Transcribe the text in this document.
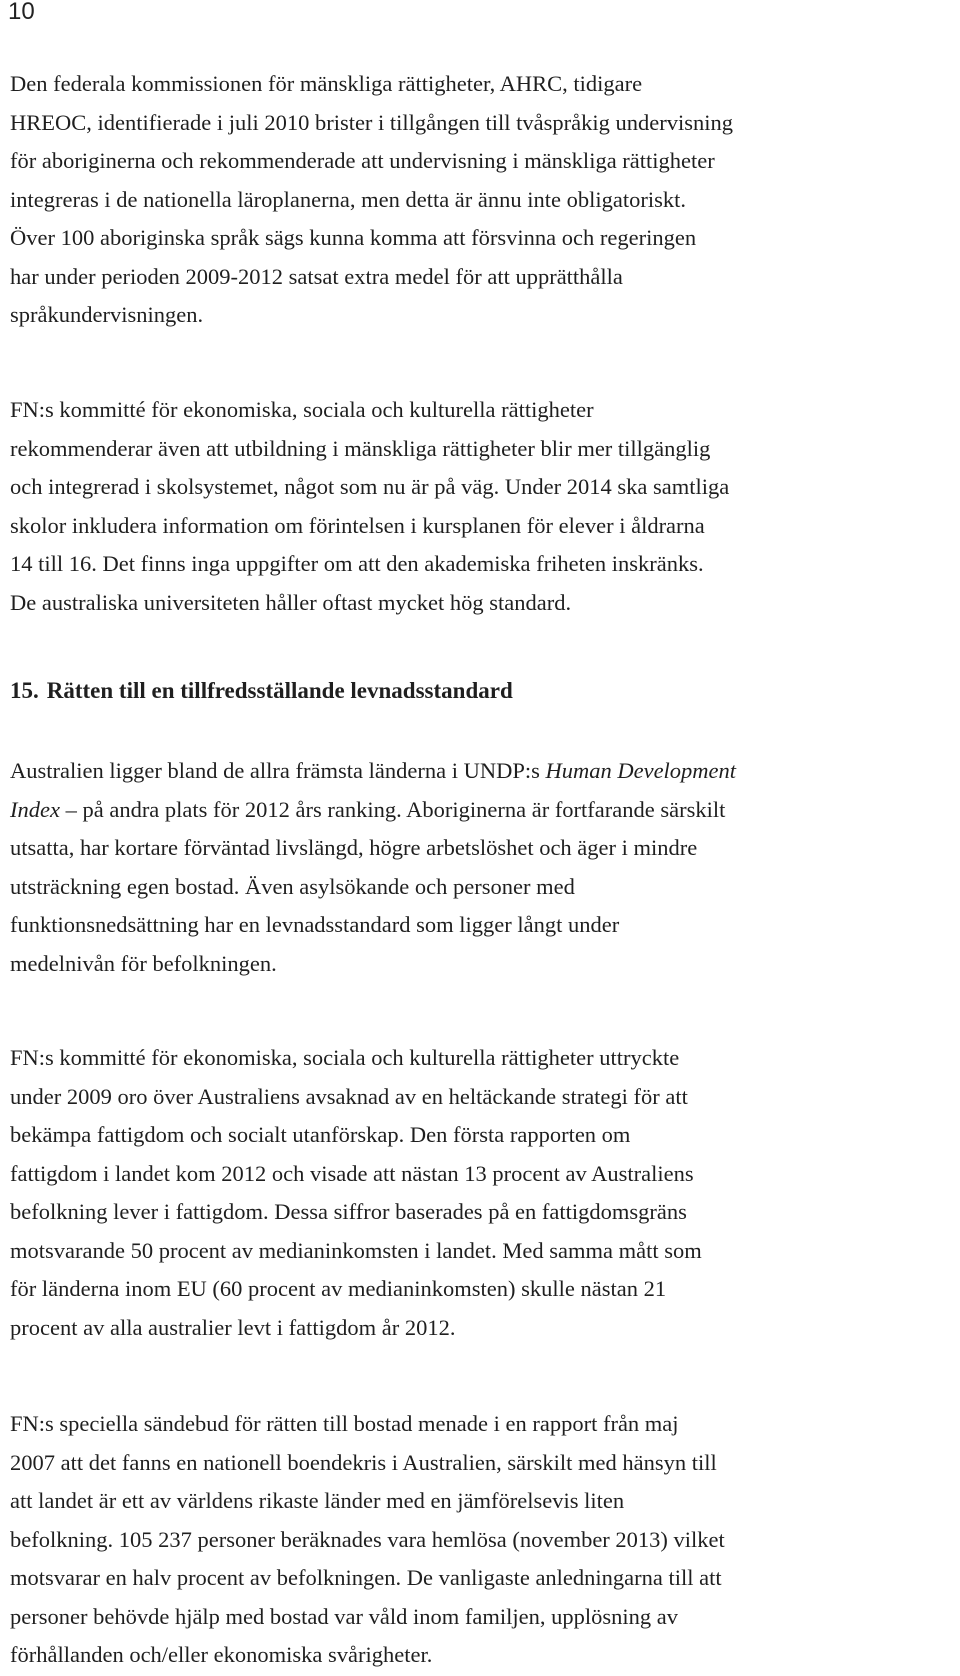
10
Den federala kommissionen för mänskliga rättigheter, AHRC, tidigare
HREOC, identifierade i juli 2010 brister i tillgången till tvåspråkig undervisning
för aboriginerna och rekommenderade att undervisning i mänskliga rättigheter
integreras i de nationella läroplanerna, men detta är ännu inte obligatoriskt.
Över 100 aboriginska språk sägs kunna komma att försvinna och regeringen
har under perioden 2009-2012 satsat extra medel för att upprätthålla
språkundervisningen.
FN:s kommitté för ekonomiska, sociala och kulturella rättigheter
rekommenderar även att utbildning i mänskliga rättigheter blir mer tillgänglig
och integrerad i skolsystemet, något som nu är på väg. Under 2014 ska samtliga
skolor inkludera information om förintelsen i kursplanen för elever i åldrarna
14 till 16. Det finns inga uppgifter om att den akademiska friheten inskränks.
De australiska universiteten håller oftast mycket hög standard.
15. Rätten till en tillfredsställande levnadsstandard
Australien ligger bland de allra främsta länderna i UNDP:s Human Development
Index – på andra plats för 2012 års ranking. Aboriginerna är fortfarande särskilt
utsatta, har kortare förväntad livslängd, högre arbetslöshet och äger i mindre
utsträckning egen bostad. Även asylsökande och personer med
funktionsnedsättning har en levnadsstandard som ligger långt under
medelnivån för befolkningen.
FN:s kommitté för ekonomiska, sociala och kulturella rättigheter uttryckte
under 2009 oro över Australiens avsaknad av en heltäckande strategi för att
bekämpa fattigdom och socialt utanförskap. Den första rapporten om
fattigdom i landet kom 2012 och visade att nästan 13 procent av Australiens
befolkning lever i fattigdom. Dessa siffror baserades på en fattigdomsgräns
motsvarande 50 procent av medianinkomsten i landet. Med samma mått som
för länderna inom EU (60 procent av medianinkomsten) skulle nästan 21
procent av alla australier levt i fattigdom år 2012.
FN:s speciella sändebud för rätten till bostad menade i en rapport från maj
2007 att det fanns en nationell boendekris i Australien, särskilt med hänsyn till
att landet är ett av världens rikaste länder med en jämförelsevis liten
befolkning. 105 237 personer beräknades vara hemlösa (november 2013) vilket
motsvarar en halv procent av befolkningen. De vanligaste anledningarna till att
personer behövde hjälp med bostad var våld inom familjen, upplösning av
förhållanden och/eller ekonomiska svårigheter.
